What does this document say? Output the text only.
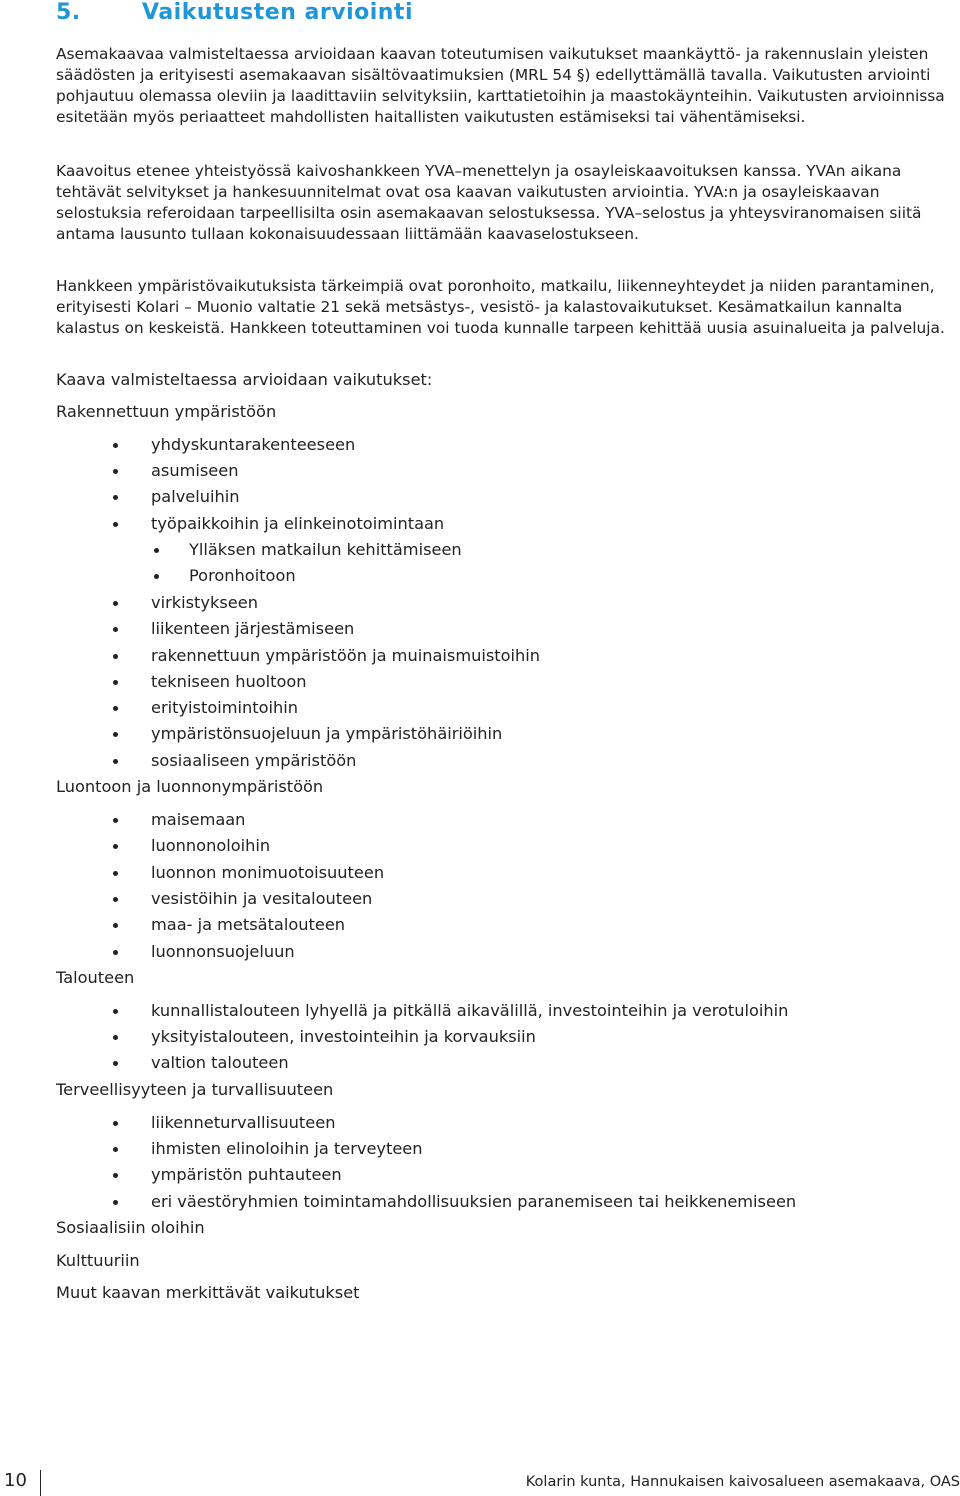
5.	Vaikutusten arviointi

Asemakaavaa valmisteltaessa arvioidaan kaavan toteutumisen vaikutukset maankäyttö- ja rakennuslain yleisten säädösten ja erityisesti asemakaavan sisältövaatimuksien (MRL 54 §) edellyttämällä tavalla. Vaikutusten arviointi pohjautuu olemassa oleviin ja laadittaviin selvityksiin, karttatietoihin ja maastokäynteihin. Vaikutusten arvioinnissa esitetään myös periaatteet mahdollisten haitallisten vaikutusten estämiseksi tai vähentämiseksi.

Kaavoitus etenee yhteistyössä kaivoshankkeen YVA–menettelyn ja osayleiskaavoituksen kanssa. YVAn aikana tehtävät selvitykset ja hankesuunnitelmat ovat osa kaavan vaikutusten arviointia. YVA:n ja osayleiskaavan selostuksia referoidaan tarpeellisilta osin asemakaavan selostuksessa. YVA–selostus ja yhteysviranomaisen siitä antama lausunto tullaan kokonaisuudessaan liittämään kaavaselostukseen.

Hankkeen ympäristövaikutuksista tärkeimpiä ovat poronhoito, matkailu, liikenneyhteydet ja niiden parantaminen, erityisesti Kolari – Muonio valtatie 21 sekä metsästys-, vesistö- ja kalastovaikutukset. Kesämatkailun kannalta kalastus on keskeistä. Hankkeen toteuttaminen voi tuoda kunnalle tarpeen kehittää uusia asuinalueita ja palveluja.

Kaava valmisteltaessa arvioidaan vaikutukset:
Rakennettuun ympäristöön
yhdyskuntarakenteeseen
asumiseen
palveluihin
työpaikkoihin ja elinkeinotoimintaan
Ylläksen matkailun kehittämiseen
Poronhoitoon
virkistykseen
liikenteen järjestämiseen
rakennettuun ympäristöön ja muinaismuistoihin
tekniseen huoltoon
erityistoimintoihin
ympäristönsuojeluun ja ympäristöhäiriöihin
sosiaaliseen ympäristöön
Luontoon ja luonnonympäristöön
maisemaan
luonnonoloihin
luonnon monimuotoisuuteen
vesistöihin ja vesitalouteen
maa- ja metsätalouteen
luonnonsuojeluun
Talouteen
kunnallistalouteen lyhyellä ja pitkällä aikavälillä, investointeihin ja verotuloihin
yksityistalouteen, investointeihin ja korvauksiin
valtion talouteen
Terveellisyyteen ja turvallisuuteen
liikenneturvallisuuteen
ihmisten elinoloihin ja terveyteen
ympäristön puhtauteen
eri väestöryhmien toimintamahdollisuuksien paranemiseen tai heikkenemiseen
Sosiaalisiin oloihin
Kulttuuriin
Muut kaavan merkittävät vaikutukset
10	Kolarin kunta, Hannukaisen kaivosalueen asemakaava, OAS
